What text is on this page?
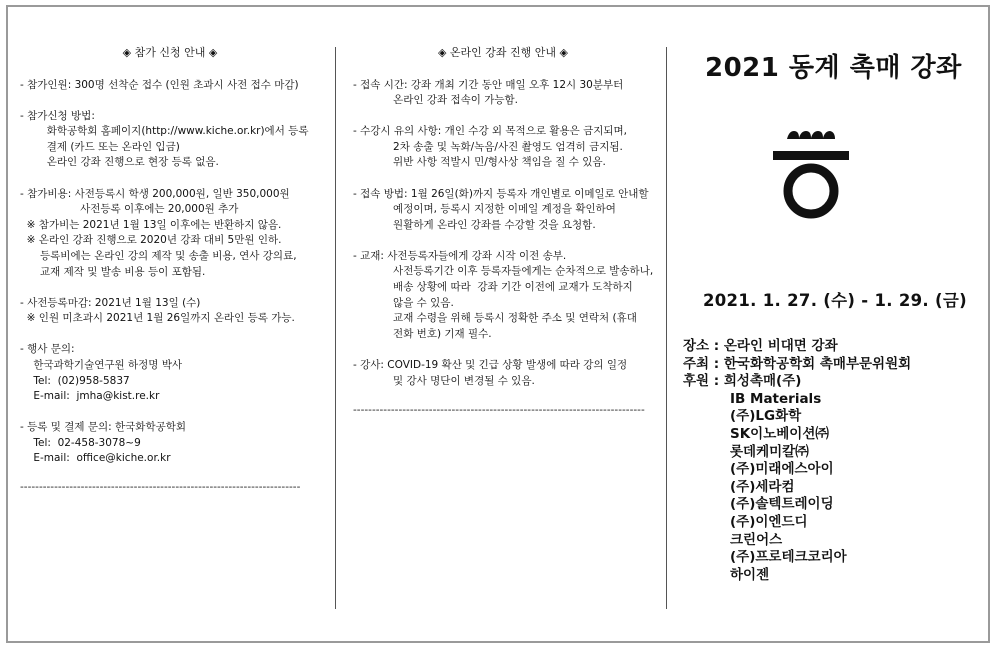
◈ 참가 신청 안내 ◈
- 참가인원: 300명 선착순 접수 (인원 초과시 사전 접수 마감)
- 참가신청 방법:
화학공학회 홈페이지(http://www.kiche.or.kr)에서 등록
결제 (카드 또는 온라인 입금)
온라인 강좌 진행으로 현장 등록 없음.
- 참가비용: 사전등록시 학생 200,000원, 일반 350,000원
사전등록 이후에는 20,000원 추가
※ 참가비는 2021년 1월 13일 이후에는 반환하지 않음.
※ 온라인 강좌 진행으로 2020년 강좌 대비 5만원 인하.
등록비에는 온라인 강의 제작 및 송출 비용, 연사 강의료,
교재 제작 및 발송 비용 등이 포함됨.
- 사전등록마감: 2021년 1월 13일 (수)
※ 인원 미초과시 2021년 1월 26일까지 온라인 등록 가능.
- 행사 문의:
한국과학기술연구원 하정명 박사
Tel:  (02)958-5837
E-mail:  jmha@kist.re.kr
- 등록 및 결제 문의: 한국화학공학회
Tel:  02-458-3078~9
E-mail:  office@kiche.or.kr
--------------------------------------------------------------------------
◈ 온라인 강좌 진행 안내 ◈
- 접속 시간: 강좌 개최 기간 동안 매일 오후 12시 30분부터
온라인 강좌 접속이 가능함.
- 수강시 유의 사항: 개인 수강 외 목적으로 활용은 금지되며,
2차 송출 및 녹화/녹음/사진 촬영도 엄격히 금지됨.
위반 사항 적발시 민/형사상 책임을 질 수 있음.
- 접속 방법: 1월 26일(화)까지 등록자 개인별로 이메일로 안내할
예정이며, 등록시 지정한 이메일 계정을 확인하여
원활하게 온라인 강좌를 수강할 것을 요청함.
- 교재: 사전등록자들에게 강좌 시작 이전 송부.
사전등록기간 이후 등록자들에게는 순차적으로 발송하나,
배송 상황에 따라  강좌 기간 이전에 교재가 도착하지
않을 수 있음.
교재 수령을 위해 등록시 정확한 주소 및 연락처 (휴대
전화 번호) 기재 필수.
- 강사: COVID-19 확산 및 긴급 상황 발생에 따라 강의 일정
및 강사 명단이 변경될 수 있음.
-----------------------------------------------------------------------------
2021 동계 촉매 강좌
2021. 1. 27. (수) - 1. 29. (금)
장소 : 온라인 비대면 강좌
주최 : 한국화학공학회 촉매부문위원회
후원 : 희성촉매(주)
IB Materials
(주)LG화학
SK이노베이션㈜
롯데케미칼㈜
(주)미래에스아이
(주)세라컴
(주)솔텍트레이딩
(주)이엔드디
크린어스
(주)프로테크코리아
하이젠
